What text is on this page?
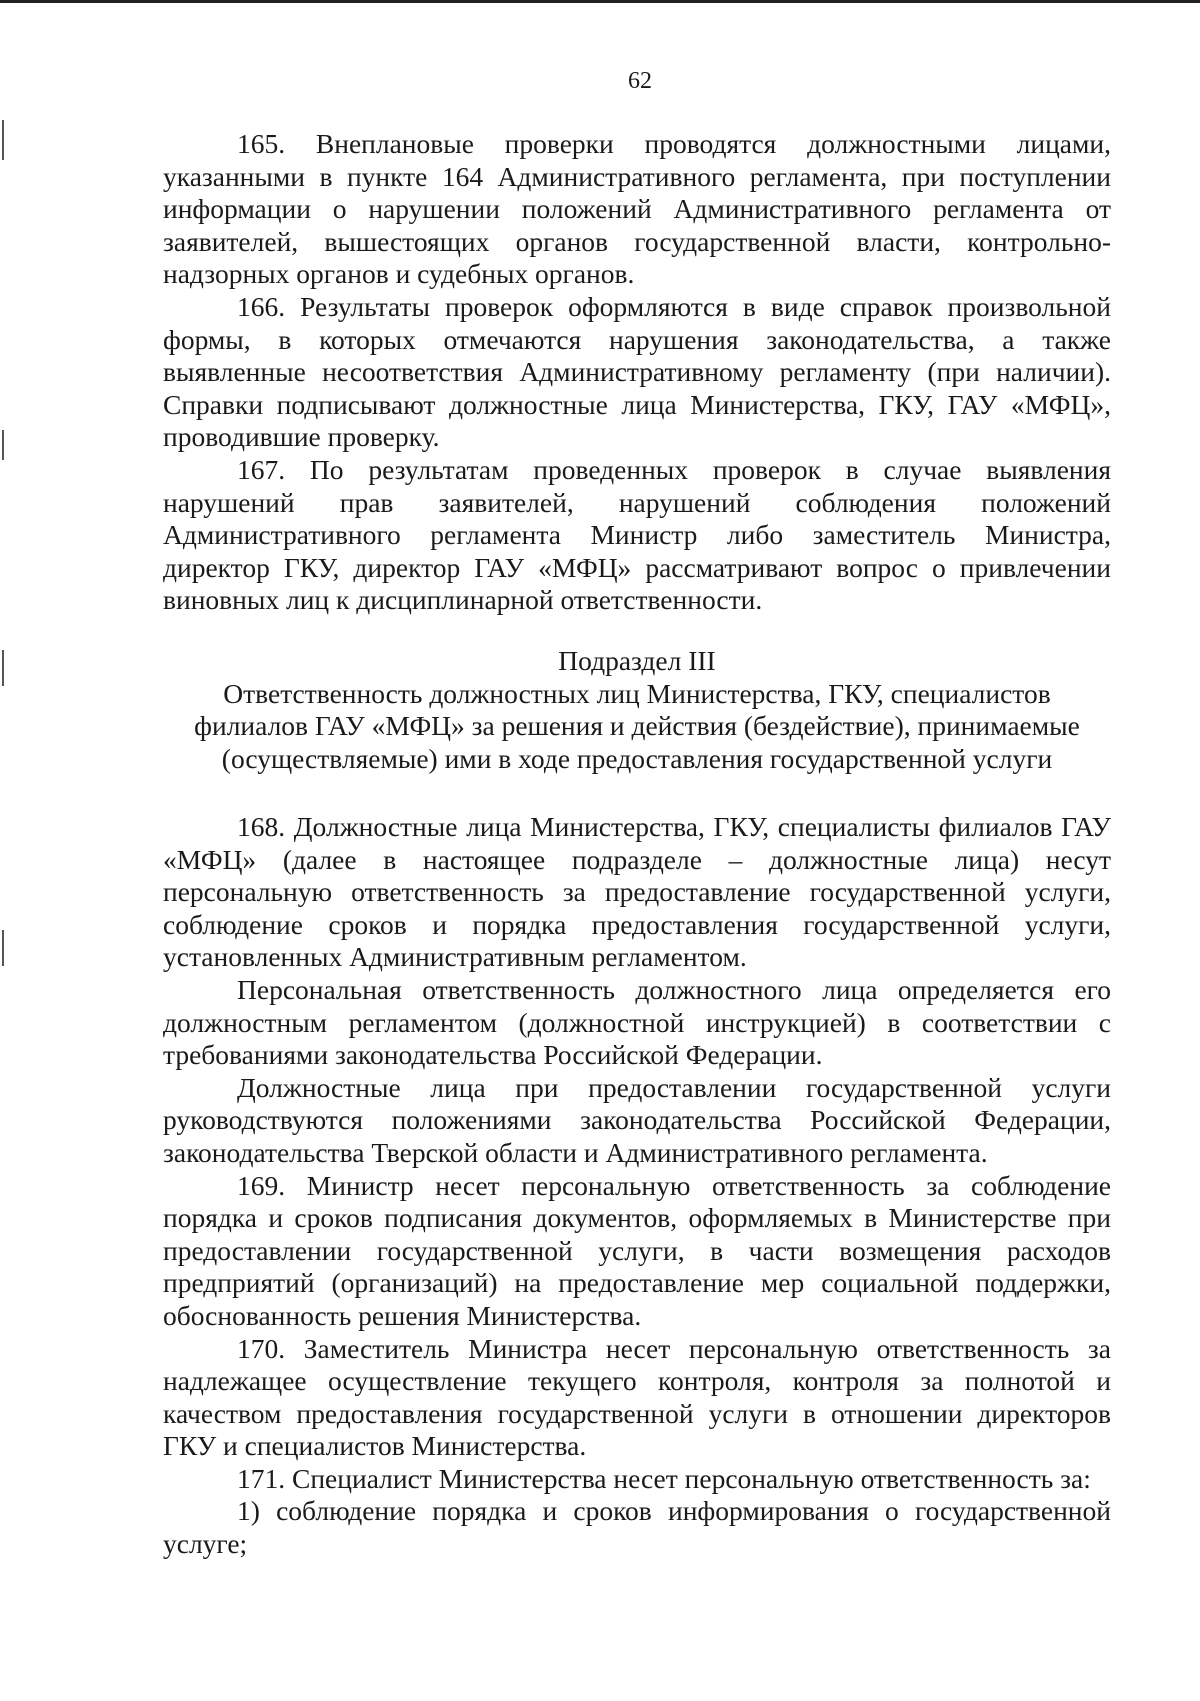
62

165. Внеплановые проверки проводятся должностными лицами, указанными в пункте 164 Административного регламента, при поступлении информации о нарушении положений Административного регламента от заявителей, вышестоящих органов государственной власти, контрольно-надзорных органов и судебных органов.

166. Результаты проверок оформляются в виде справок произвольной формы, в которых отмечаются нарушения законодательства, а также выявленные несоответствия Административному регламенту (при наличии). Справки подписывают должностные лица Министерства, ГКУ, ГАУ «МФЦ», проводившие проверку.

167. По результатам проведенных проверок в случае выявления нарушений прав заявителей, нарушений соблюдения положений Административного регламента Министр либо заместитель Министра, директор ГКУ, директор ГАУ «МФЦ» рассматривают вопрос о привлечении виновных лиц к дисциплинарной ответственности.

Подраздел III

Ответственность должностных лиц Министерства, ГКУ, специалистов

филиалов ГАУ «МФЦ» за решения и действия (бездействие), принимаемые

(осуществляемые) ими в ходе предоставления государственной услуги

168. Должностные лица Министерства, ГКУ, специалисты филиалов ГАУ «МФЦ» (далее в настоящее подразделе – должностные лица) несут персональную ответственность за предоставление государственной услуги, соблюдение сроков и порядка предоставления государственной услуги, установленных Административным регламентом.

Персональная ответственность должностного лица определяется его должностным регламентом (должностной инструкцией) в соответствии с требованиями законодательства Российской Федерации.

Должностные лица при предоставлении государственной услуги руководствуются положениями законодательства Российской Федерации, законодательства Тверской области и Административного регламента.

169. Министр несет персональную ответственность за соблюдение порядка и сроков подписания документов, оформляемых в Министерстве при предоставлении государственной услуги, в части возмещения расходов предприятий (организаций) на предоставление мер социальной поддержки, обоснованность решения Министерства.

170. Заместитель Министра несет персональную ответственность за надлежащее осуществление текущего контроля, контроля за полнотой и качеством предоставления государственной услуги в отношении директоров ГКУ и специалистов Министерства.

171. Специалист Министерства несет персональную ответственность за:

1) соблюдение порядка и сроков информирования о государственной услуге;
